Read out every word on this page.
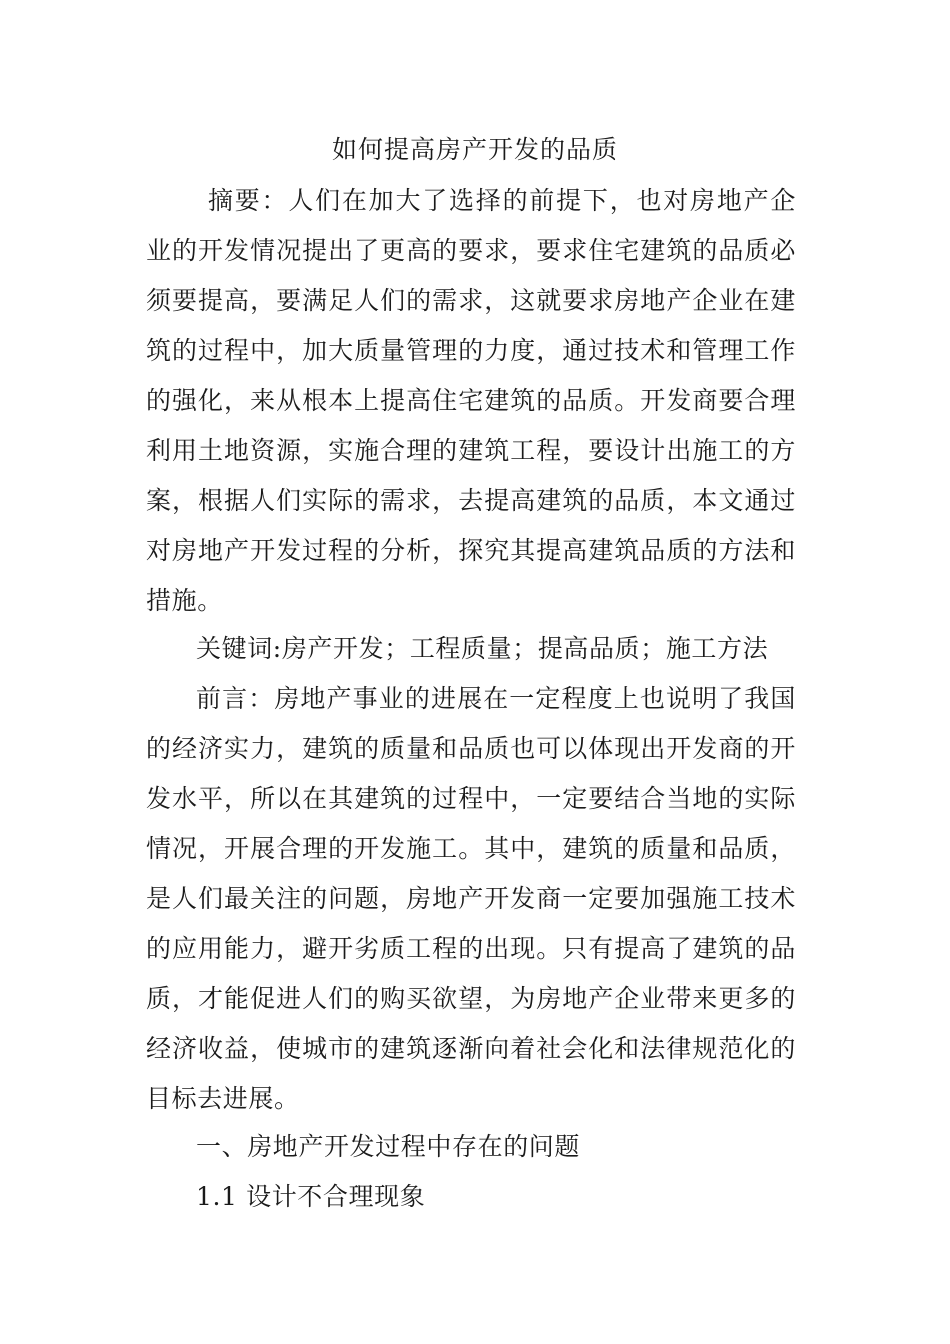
如何提高房产开发的品质
摘要：人们在加大了选择的前提下，也对房地产企业的开发情况提出了更高的要求，要求住宅建筑的品质必须要提高，要满足人们的需求，这就要求房地产企业在建筑的过程中，加大质量管理的力度，通过技术和管理工作的强化，来从根本上提高住宅建筑的品质。开发商要合理利用土地资源，实施合理的建筑工程，要设计出施工的方案，根据人们实际的需求，去提高建筑的品质，本文通过对房地产开发过程的分析，探究其提高建筑品质的方法和措施。
关键词:房产开发；工程质量；提高品质；施工方法
前言：房地产事业的进展在一定程度上也说明了我国的经济实力，建筑的质量和品质也可以体现出开发商的开发水平，所以在其建筑的过程中，一定要结合当地的实际情况，开展合理的开发施工。其中，建筑的质量和品质，是人们最关注的问题，房地产开发商一定要加强施工技术的应用能力，避开劣质工程的出现。只有提高了建筑的品质，才能促进人们的购买欲望，为房地产企业带来更多的经济收益，使城市的建筑逐渐向着社会化和法律规范化的目标去进展。
一、房地产开发过程中存在的问题
1.1 设计不合理现象
